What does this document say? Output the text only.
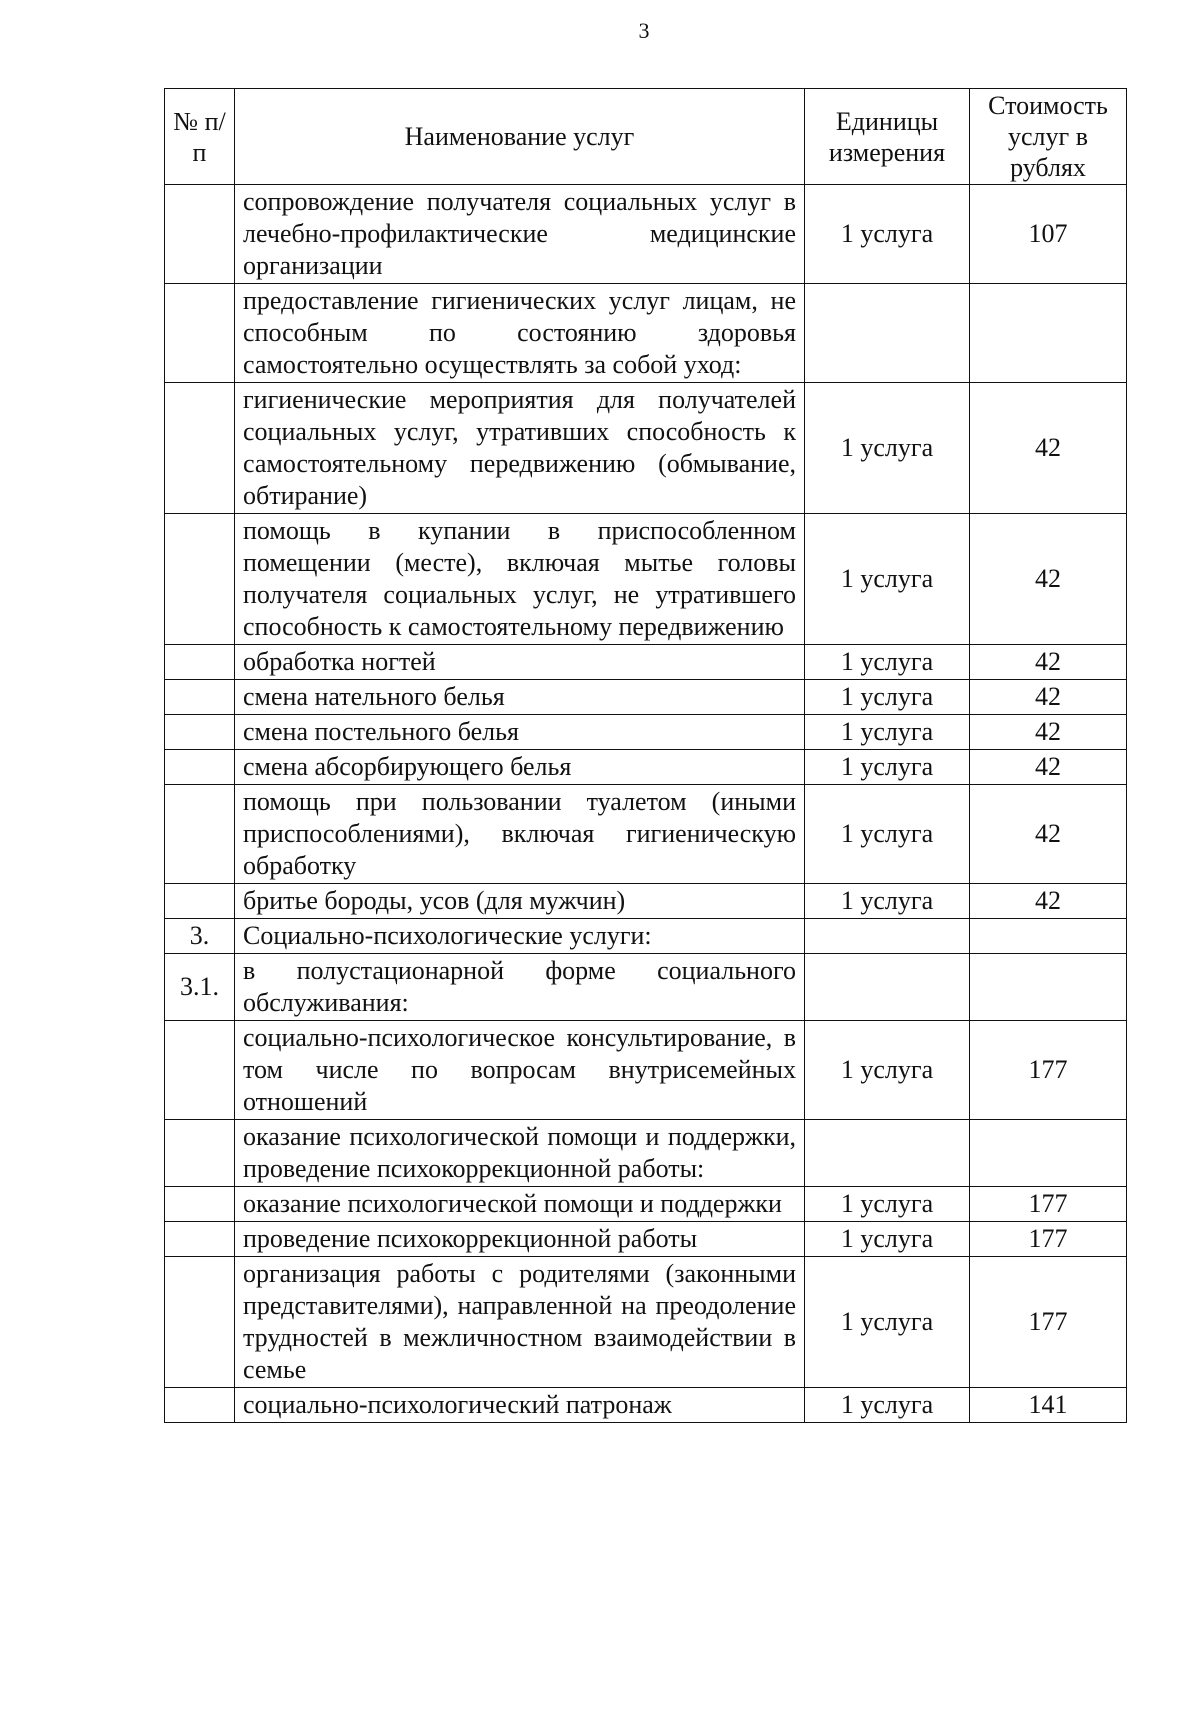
3
№ п/п	Наименование услуг	Единицы измерения	Стоимость услуг в рублях
	сопровождение получателя социальных услуг в лечебно-профилактические медицинские организации	1 услуга	107
	предоставление гигиенических услуг лицам, не способным по состоянию здоровья самостоятельно осуществлять за собой уход:		
	гигиенические мероприятия для получателей социальных услуг, утративших способность к самостоятельному передвижению (обмывание, обтирание)	1 услуга	42
	помощь в купании в приспособленном помещении (месте), включая мытье головы получателя социальных услуг, не утратившего способность к самостоятельному передвижению	1 услуга	42
	обработка ногтей	1 услуга	42
	смена нательного белья	1 услуга	42
	смена постельного белья	1 услуга	42
	смена абсорбирующего белья	1 услуга	42
	помощь при пользовании туалетом (иными приспособлениями), включая гигиеническую обработку	1 услуга	42
	бритье бороды, усов (для мужчин)	1 услуга	42
3.	Социально-психологические услуги:		
3.1.	в полустационарной форме социального обслуживания:		
	социально-психологическое консультирование, в том числе по вопросам внутрисемейных отношений	1 услуга	177
	оказание психологической помощи и поддержки, проведение психокоррекционной работы:		
	оказание психологической помощи и поддержки	1 услуга	177
	проведение психокоррекционной работы	1 услуга	177
	организация работы с родителями (законными представителями), направленной на преодоление трудностей в межличностном взаимодействии в семье	1 услуга	177
	социально-психологический патронаж	1 услуга	141
